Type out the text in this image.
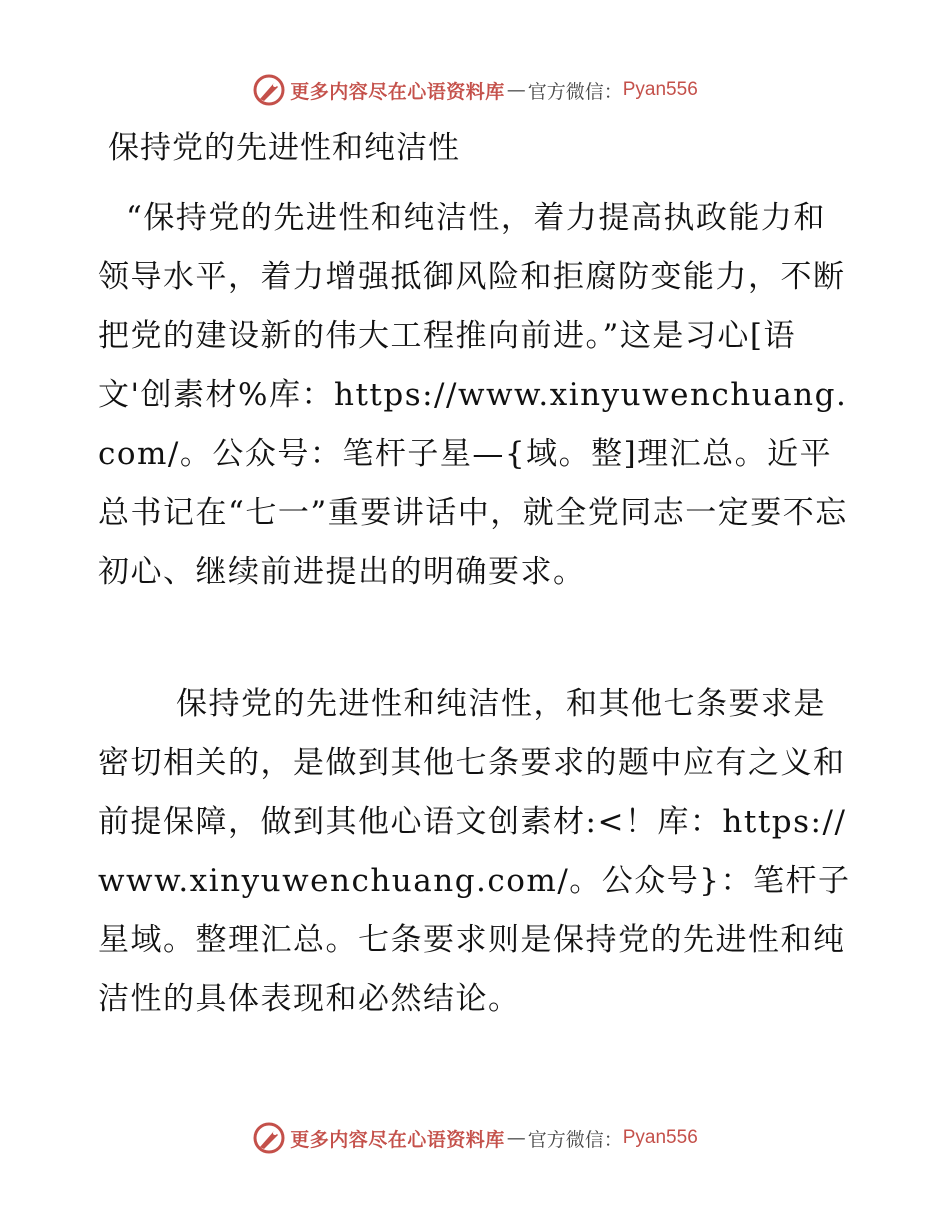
更多内容尽在心语资料库 — 官方微信： Pyan556
保持党的先进性和纯洁性

“保持党的先进性和纯洁性，着力提高执政能力和领导水平，着力增强抵御风险和拒腐防变能力，不断把党的建设新的伟大工程推向前进。”这是习心[语文'创素材%库：https://www.xinyuwenchuang.com/。公众号：笔杆子星—{域。整]理汇总。近平总书记在“七一”重要讲话中，就全党同志一定要不忘初心、继续前进提出的明确要求。

保持党的先进性和纯洁性，和其他七条要求是密切相关的，是做到其他七条要求的题中应有之义和前提保障，做到其他心语文创素材:<！库：https://www.xinyuwenchuang.com/。公众号}：笔杆子星域。整理汇总。七条要求则是保持党的先进性和纯洁性的具体表现和必然结论。

更多内容尽在心语资料库 — 官方微信： Pyan556
